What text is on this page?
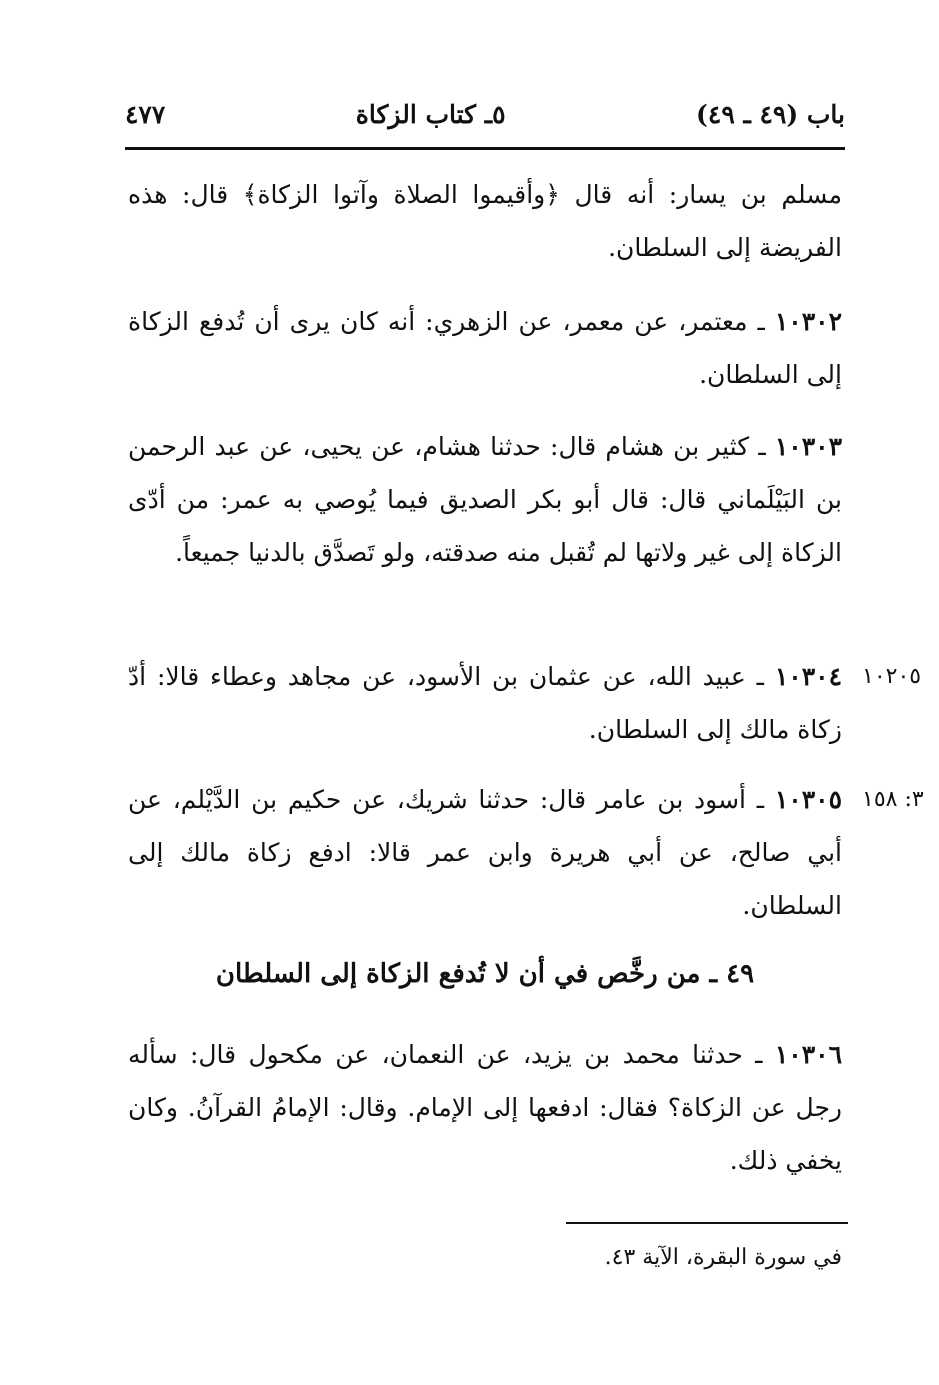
باب (٤٩ ـ ٤٩)
٥ـ كتاب الزكاة
٤٧٧
مسلم بن يسار: أنه قال ﴿وأقيموا الصلاة وآتوا الزكاة﴾ قال: هذه الفريضة إلى السلطان.
١٠٣٠٢ ـ معتمر، عن معمر، عن الزهري: أنه كان يرى أن تُدفع الزكاة إلى السلطان.
١٠٣٠٣ ـ كثير بن هشام قال: حدثنا هشام، عن يحيى، عن عبد الرحمن بن البَيْلَماني قال: قال أبو بكر الصديق فيما يُوصي به عمر: من أدّى الزكاة إلى غير ولاتها لم تُقبل منه صدقته، ولو تَصدَّق بالدنيا جميعاً.
١٠٢٠٥
١٠٣٠٤ ـ عبيد الله، عن عثمان بن الأسود، عن مجاهد وعطاء قالا: أدّ زكاة مالك إلى السلطان.
٣: ١٥٨
١٠٣٠٥ ـ أسود بن عامر قال: حدثنا شريك، عن حكيم بن الدَّيْلم، عن أبي صالح، عن أبي هريرة وابن عمر قالا: ادفع زكاة مالك إلى السلطان.
٤٩ ـ من رخَّص في أن لا تُدفع الزكاة إلى السلطان
١٠٣٠٦ ـ حدثنا محمد بن يزيد، عن النعمان، عن مكحول قال: سأله رجل عن الزكاة؟ فقال: ادفعها إلى الإمام. وقال: الإمامُ القرآنُ. وكان يخفي ذلك.
في سورة البقرة، الآية ٤٣.
